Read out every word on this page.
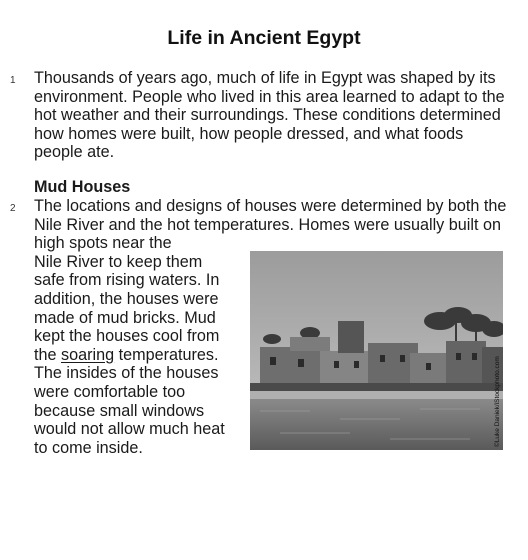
Life in Ancient Egypt
1 Thousands of years ago, much of life in Egypt was shaped by its
environment. People who lived in this area learned to adapt to the
hot weather and their surroundings. These conditions determined
how homes were built, how people dressed, and what foods
people ate.
Mud Houses
2 The locations and designs of houses were determined by both the
Nile River and the hot temperatures. Homes were usually built on
high spots near the
Nile River to keep them
safe from rising waters. In
addition, the houses were
made of mud bricks. Mud
kept the houses cool from
the soaring temperatures.
The insides of the houses
were comfortable too
because small windows
would not allow much heat
to come inside.
©Luke Daniek/iStockphoto.com
